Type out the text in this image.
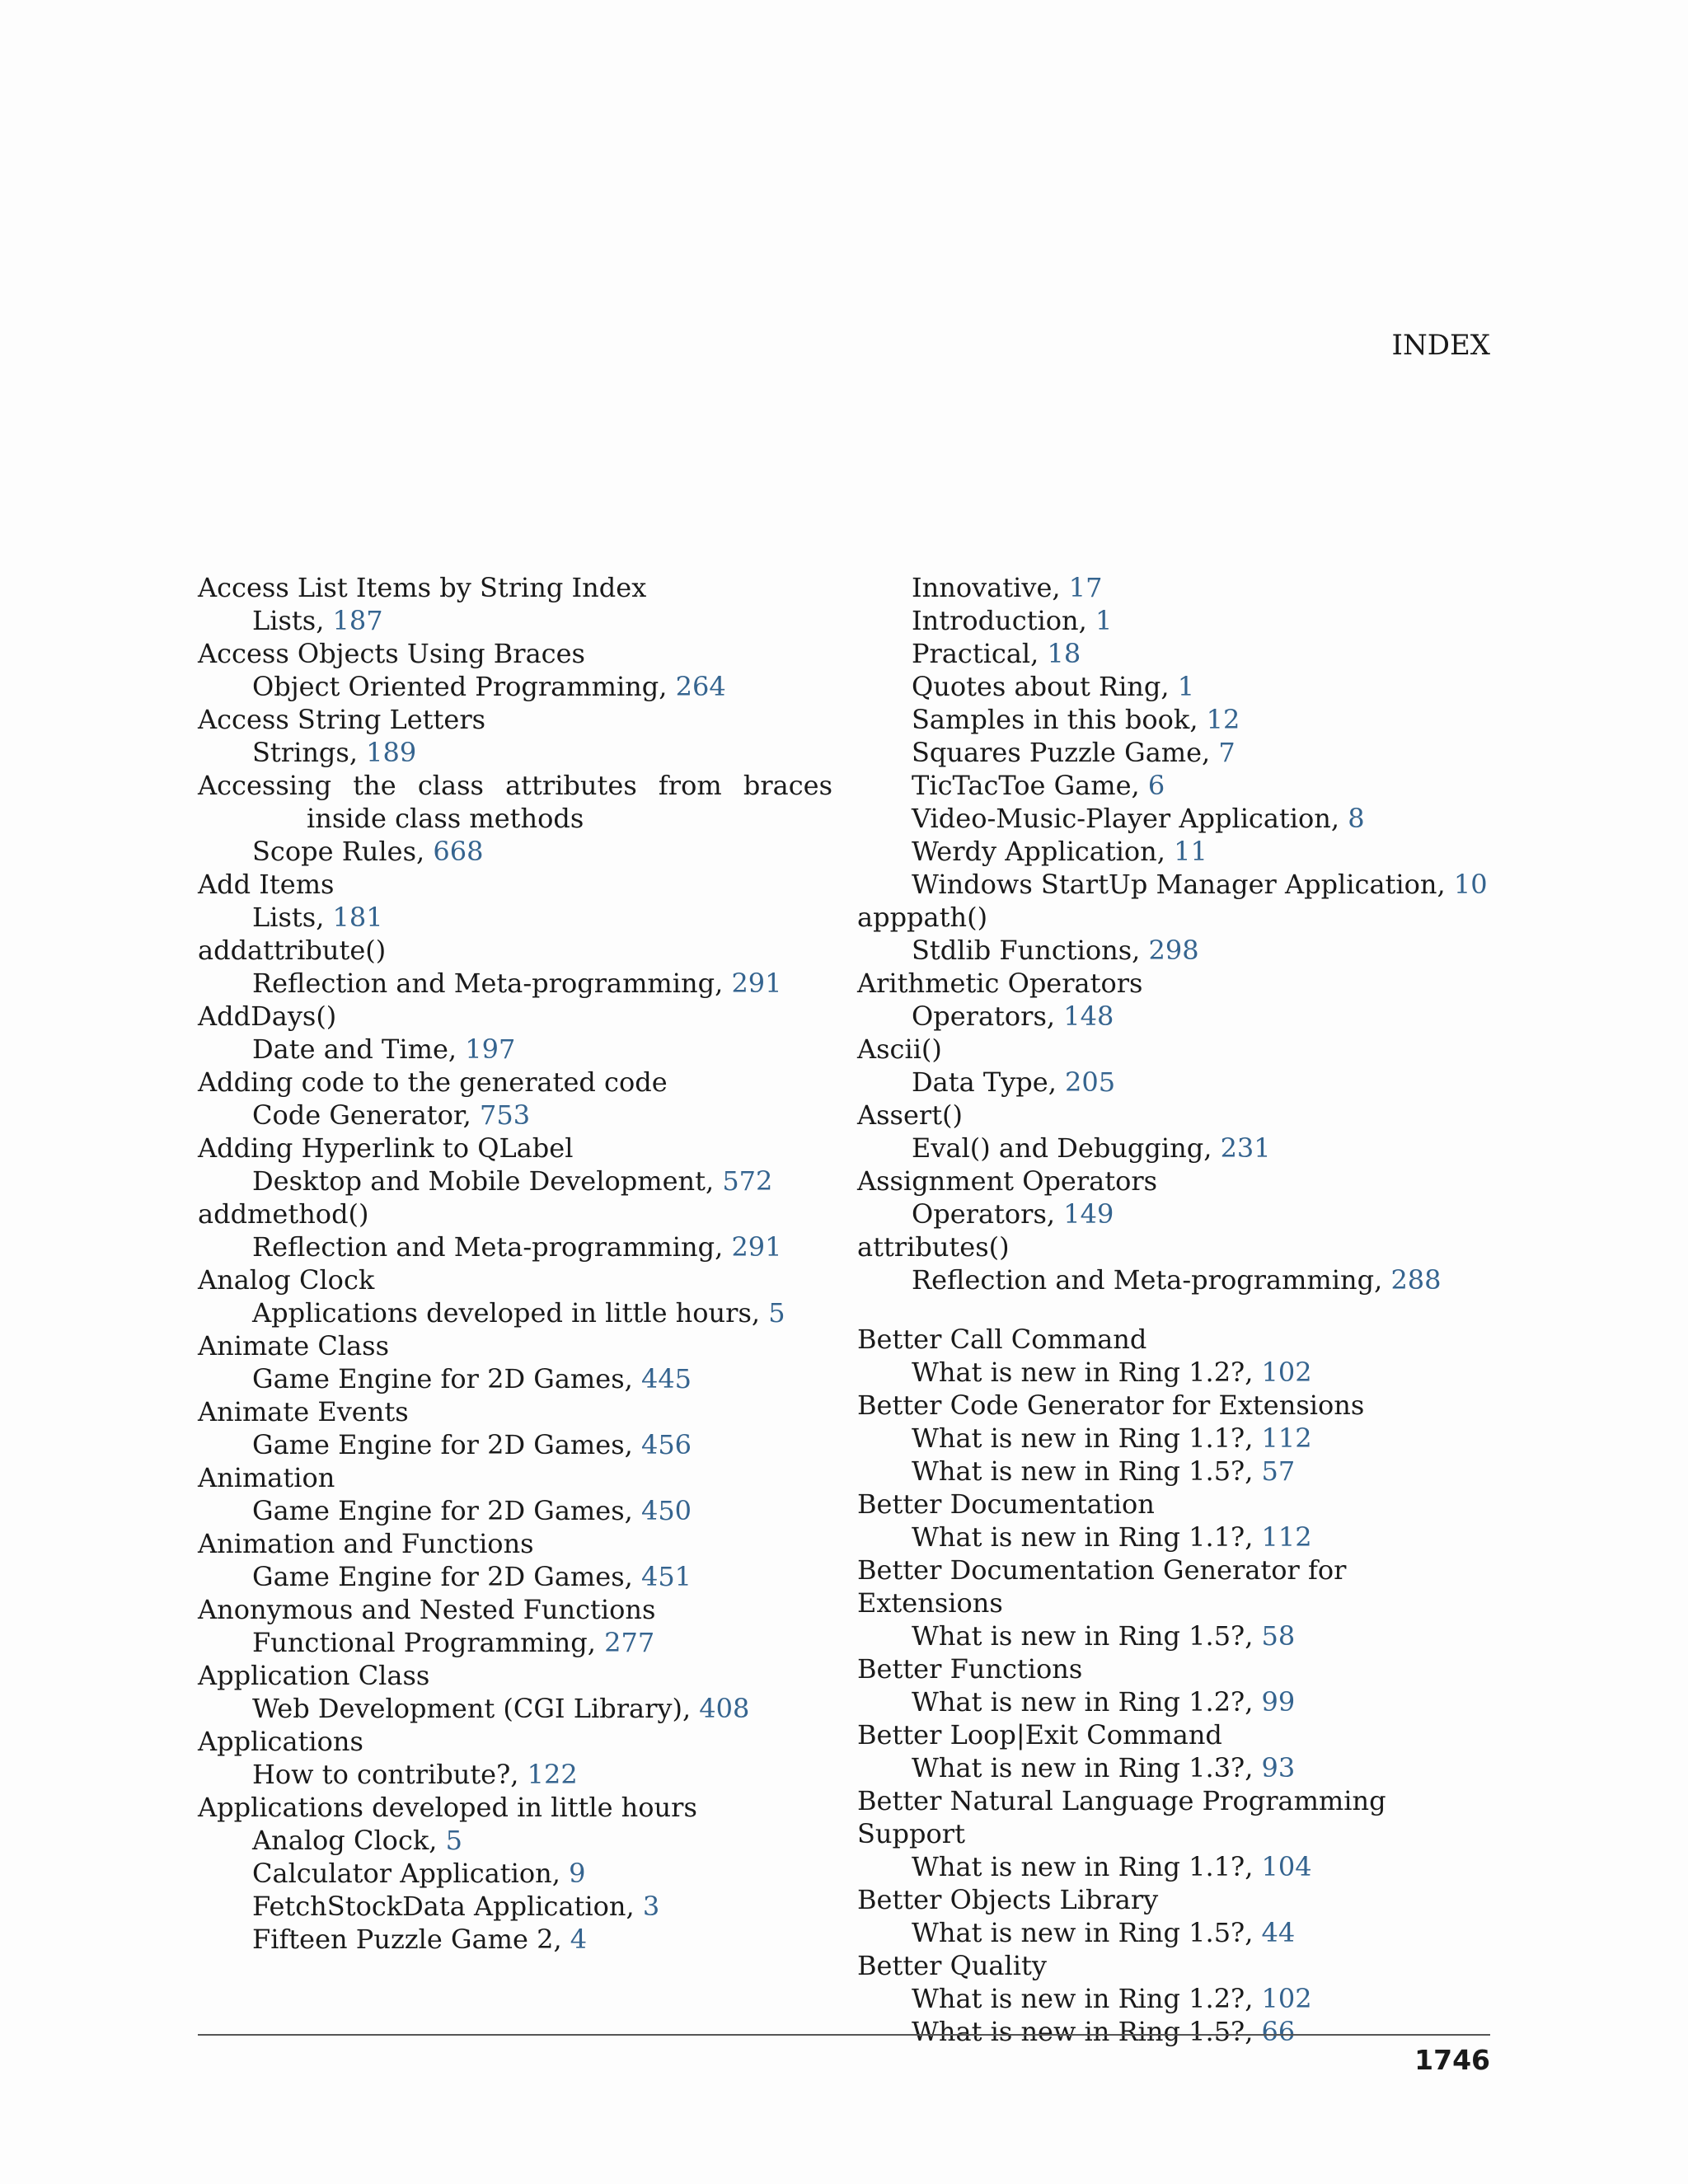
INDEX
Access List Items by String Index
Lists, 187
Access Objects Using Braces
Object Oriented Programming, 264
Access String Letters
Strings, 189
Accessing the class attributes from braces inside class methods
Scope Rules, 668
Add Items
Lists, 181
addattribute()
Reflection and Meta-programming, 291
AddDays()
Date and Time, 197
Adding code to the generated code
Code Generator, 753
Adding Hyperlink to QLabel
Desktop and Mobile Development, 572
addmethod()
Reflection and Meta-programming, 291
Analog Clock
Applications developed in little hours, 5
Animate Class
Game Engine for 2D Games, 445
Animate Events
Game Engine for 2D Games, 456
Animation
Game Engine for 2D Games, 450
Animation and Functions
Game Engine for 2D Games, 451
Anonymous and Nested Functions
Functional Programming, 277
Application Class
Web Development (CGI Library), 408
Applications
How to contribute?, 122
Applications developed in little hours
Analog Clock, 5
Calculator Application, 9
FetchStockData Application, 3
Fifteen Puzzle Game 2, 4
Innovative, 17
Introduction, 1
Practical, 18
Quotes about Ring, 1
Samples in this book, 12
Squares Puzzle Game, 7
TicTacToe Game, 6
Video-Music-Player Application, 8
Werdy Application, 11
Windows StartUp Manager Application, 10
apppath()
Stdlib Functions, 298
Arithmetic Operators
Operators, 148
Ascii()
Data Type, 205
Assert()
Eval() and Debugging, 231
Assignment Operators
Operators, 149
attributes()
Reflection and Meta-programming, 288
Better Call Command
What is new in Ring 1.2?, 102
Better Code Generator for Extensions
What is new in Ring 1.1?, 112
What is new in Ring 1.5?, 57
Better Documentation
What is new in Ring 1.1?, 112
Better Documentation Generator for Extensions
What is new in Ring 1.5?, 58
Better Functions
What is new in Ring 1.2?, 99
Better Loop|Exit Command
What is new in Ring 1.3?, 93
Better Natural Language Programming Support
What is new in Ring 1.1?, 104
Better Objects Library
What is new in Ring 1.5?, 44
Better Quality
What is new in Ring 1.2?, 102
What is new in Ring 1.5?, 66
1746
